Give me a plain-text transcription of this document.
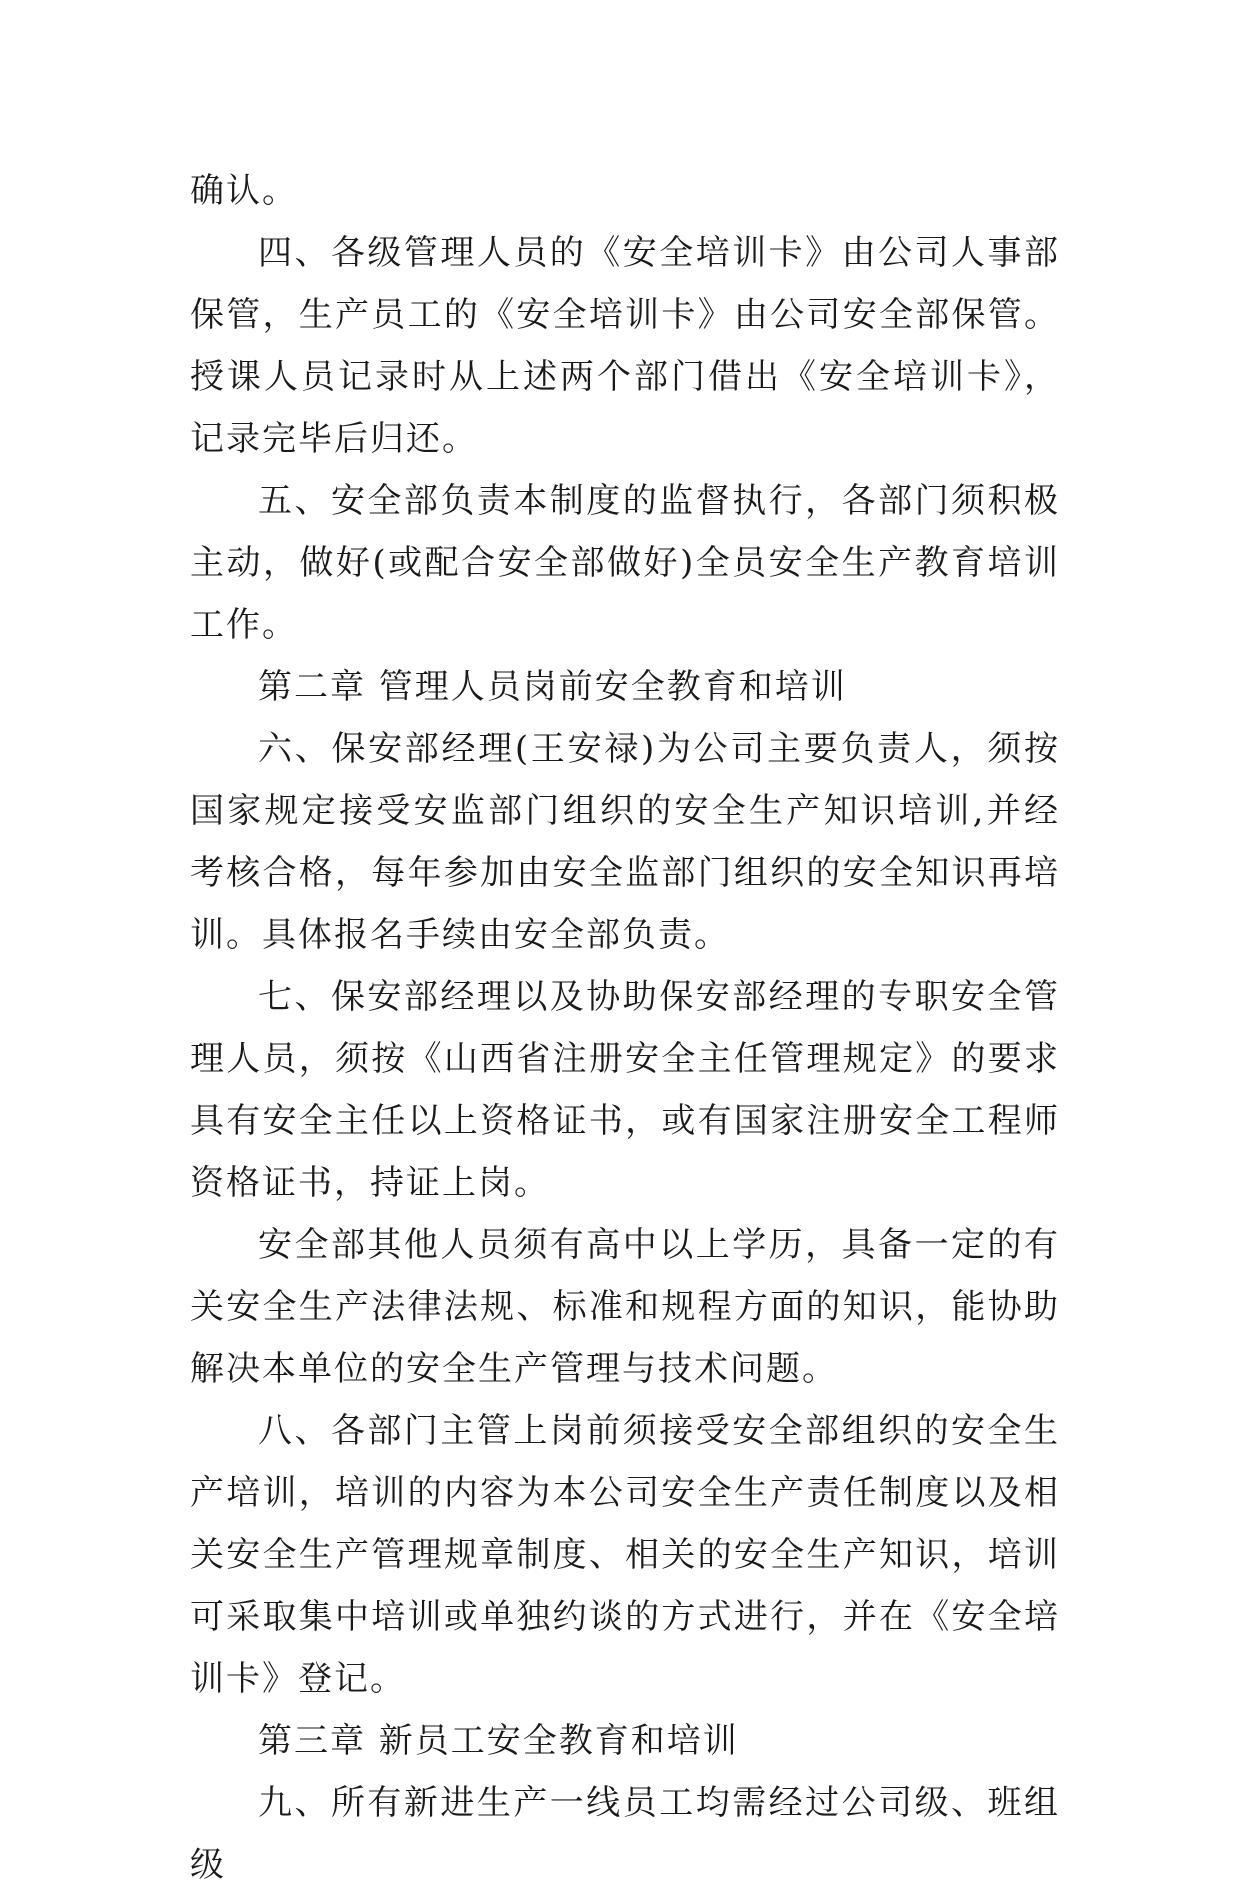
确认。

四、各级管理人员的《安全培训卡》由公司人事部保管，生产员工的《安全培训卡》由公司安全部保管。授课人员记录时从上述两个部门借出《安全培训卡》，记录完毕后归还。

五、安全部负责本制度的监督执行，各部门须积极主动，做好(或配合安全部做好)全员安全生产教育培训工作。

第二章 管理人员岗前安全教育和培训

六、保安部经理(王安禄)为公司主要负责人，须按国家规定接受安监部门组织的安全生产知识培训,并经考核合格，每年参加由安全监部门组织的安全知识再培训。具体报名手续由安全部负责。

七、保安部经理以及协助保安部经理的专职安全管理人员，须按《山西省注册安全主任管理规定》的要求具有安全主任以上资格证书，或有国家注册安全工程师资格证书，持证上岗。

安全部其他人员须有高中以上学历，具备一定的有关安全生产法律法规、标准和规程方面的知识，能协助解决本单位的安全生产管理与技术问题。

八、各部门主管上岗前须接受安全部组织的安全生产培训，培训的内容为本公司安全生产责任制度以及相关安全生产管理规章制度、相关的安全生产知识，培训可采取集中培训或单独约谈的方式进行，并在《安全培训卡》登记。

第三章 新员工安全教育和培训

九、所有新进生产一线员工均需经过公司级、班组级
